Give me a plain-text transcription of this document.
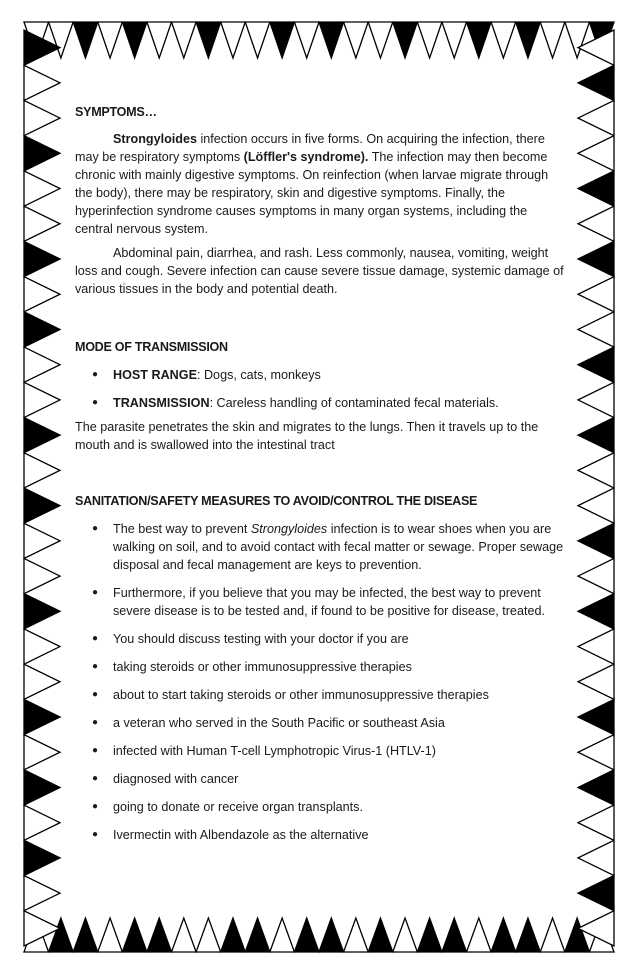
SYMPTOMS…

Strongyloides infection occurs in five forms. On acquiring the infection, there may be respiratory symptoms (Löffler's syndrome). The infection may then become chronic with mainly digestive symptoms. On reinfection (when larvae migrate through the body), there may be respiratory, skin and digestive symptoms. Finally, the hyperinfection syndrome causes symptoms in many organ systems, including the central nervous system.

Abdominal pain, diarrhea, and rash. Less commonly, nausea, vomiting, weight loss and cough. Severe infection can cause severe tissue damage, systemic damage of various tissues in the body and potential death.

MODE OF TRANSMISSION
● HOST RANGE: Dogs, cats, monkeys
● TRANSMISSION: Careless handling of contaminated fecal materials.

The parasite penetrates the skin and migrates to the lungs. Then it travels up to the mouth and is swallowed into the intestinal tract

SANITATION/SAFETY MEASURES TO AVOID/CONTROL THE DISEASE
● The best way to prevent Strongyloides infection is to wear shoes when you are walking on soil, and to avoid contact with fecal matter or sewage. Proper sewage disposal and fecal management are keys to prevention.
● Furthermore, if you believe that you may be infected, the best way to prevent severe disease is to be tested and, if found to be positive for disease, treated.
● You should discuss testing with your doctor if you are
● taking steroids or other immunosuppressive therapies
● about to start taking steroids or other immunosuppressive therapies
● a veteran who served in the South Pacific or southeast Asia
● infected with Human T-cell Lymphotropic Virus-1 (HTLV-1)
● diagnosed with cancer
● going to donate or receive organ transplants.
● Ivermectin with Albendazole as the alternative
